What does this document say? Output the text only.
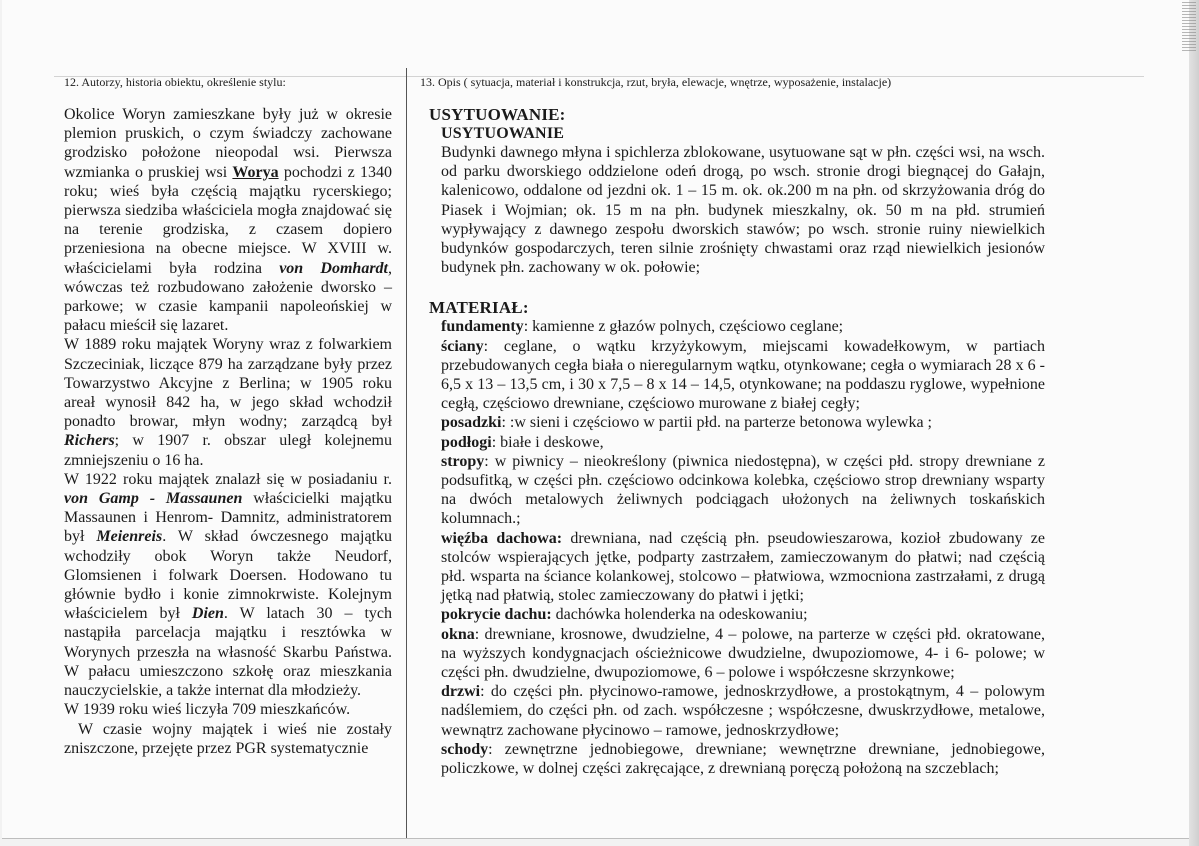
12. Autorzy, historia obiektu, określenie stylu:

Okolice Woryn zamieszkane były już w okresie plemion pruskich, o czym świadczy zachowane grodzisko położone nieopodal wsi. Pierwsza wzmianka o pruskiej wsi Worya pochodzi z 1340 roku; wieś była częścią majątku rycerskiego; pierwsza siedziba właściciela mogła znajdować się na terenie grodziska, z czasem dopiero przeniesiona na obecne miejsce. W XVIII w. właścicielami była rodzina von Domhardt, wówczas też rozbudowano założenie dworsko – parkowe; w czasie kampanii napoleońskiej w pałacu mieścił się lazaret.

W 1889 roku majątek Woryny wraz z folwarkiem Szczeciniak, liczące 879 ha zarządzane były przez Towarzystwo Akcyjne z Berlina; w 1905 roku areał wynosił 842 ha, w jego skład wchodził ponadto browar, młyn wodny; zarządcą był Richers; w 1907 r. obszar uległ kolejnemu zmniejszeniu o 16 ha.

W 1922 roku majątek znalazł się w posiadaniu r. von Gamp - Massaunen właścicielki majątku Massaunen i Henrom- Damnitz, administratorem był Meienreis. W skład ówczesnego majątku wchodziły obok Woryn także Neudorf, Glomsienen i folwark Doersen. Hodowano tu głównie bydło i konie zimnokrwiste. Kolejnym właścicielem był Dien. W latach 30 – tych nastąpiła parcelacja majątku i resztówka w Worynych przeszła na własność Skarbu Państwa. W pałacu umieszczono szkołę oraz mieszkania nauczycielskie, a także internat dla młodzieży.

W 1939 roku wieś liczyła 709 mieszkańców.

W czasie wojny majątek i wieś nie zostały zniszczone, przejęte przez PGR systematycznie

13. Opis ( sytuacja, materiał i konstrukcja, rzut, bryła, elewacje, wnętrze, wyposażenie, instalacje)
USYTUOWANIE:
USYTUOWANIE
Budynki dawnego młyna i spichlerza zblokowane, usytuowane sąt w płn. części wsi, na wsch. od parku dworskiego oddzielone odeń drogą, po wsch. stronie drogi biegnącej do Gałajn, kalenicowo, oddalone od jezdni ok. 1 – 15 m. ok. ok.200 m na płn. od skrzyżowania dróg do Piasek i Wojmian; ok. 15 m na płn. budynek mieszkalny, ok. 50 m na płd. strumień wypływający z dawnego zespołu dworskich stawów; po wsch. stronie ruiny niewielkich budynków gospodarczych, teren silnie zrośnięty chwastami oraz rząd niewielkich jesionów budynek płn. zachowany w ok. połowie;
MATERIAŁ:
fundamenty: kamienne z głazów polnych, częściowo ceglane;
ściany: ceglane, o wątku krzyżykowym, miejscami kowadełkowym, w partiach przebudowanych cegła biała o nieregularnym wątku, otynkowane; cegła o wymiarach 28 x 6 - 6,5 x 13 – 13,5 cm, i 30 x 7,5 – 8 x 14 – 14,5, otynkowane; na poddaszu ryglowe, wypełnione cegłą, częściowo drewniane, częściowo murowane z białej cegły;
posadzki: :w sieni i częściowo w partii płd. na parterze betonowa wylewka ;
podłogi: białe i deskowe,
stropy: w piwnicy – nieokreślony (piwnica niedostępna), w części płd. stropy drewniane z podsufitką, w części płn. częściowo odcinkowa kolebka, częściowo strop drewniany wsparty na dwóch metalowych żeliwnych podciągach ułożonych na żeliwnych toskańskich kolumnach.;
więźba dachowa: drewniana, nad częścią płn. pseudowieszarowa, kozioł zbudowany ze stolców wspierających jętke, podparty zastrzałem, zamieczowanym do płatwi; nad częścią płd. wsparta na ściance kolankowej, stolcowo – płatwiowa, wzmocniona zastrzałami, z drugą jętką nad płatwią, stolec zamieczowany do płatwi i jętki;
pokrycie dachu: dachówka holenderka na odeskowaniu;
okna: drewniane, krosnowe, dwudzielne, 4 – polowe, na parterze w części płd. okratowane, na wyższych kondygnacjach ościeżnicowe dwudzielne, dwupoziomowe, 4- i 6- polowe; w części płn. dwudzielne, dwupoziomowe, 6 – polowe i współczesne skrzynkowe;
drzwi: do części płn. płycinowo-ramowe, jednoskrzydłowe, a prostokątnym, 4 – polowym nadślemiem, do części płn. od zach. współczesne ; współczesne, dwuskrzydłowe, metalowe, wewnątrz zachowane płycinowo – ramowe, jednoskrzydłowe;
schody: zewnętrzne jednobiegowe, drewniane; wewnętrzne drewniane, jednobiegowe, policzkowe, w dolnej części zakręcające, z drewnianą poręczą położoną na szczeblach;
